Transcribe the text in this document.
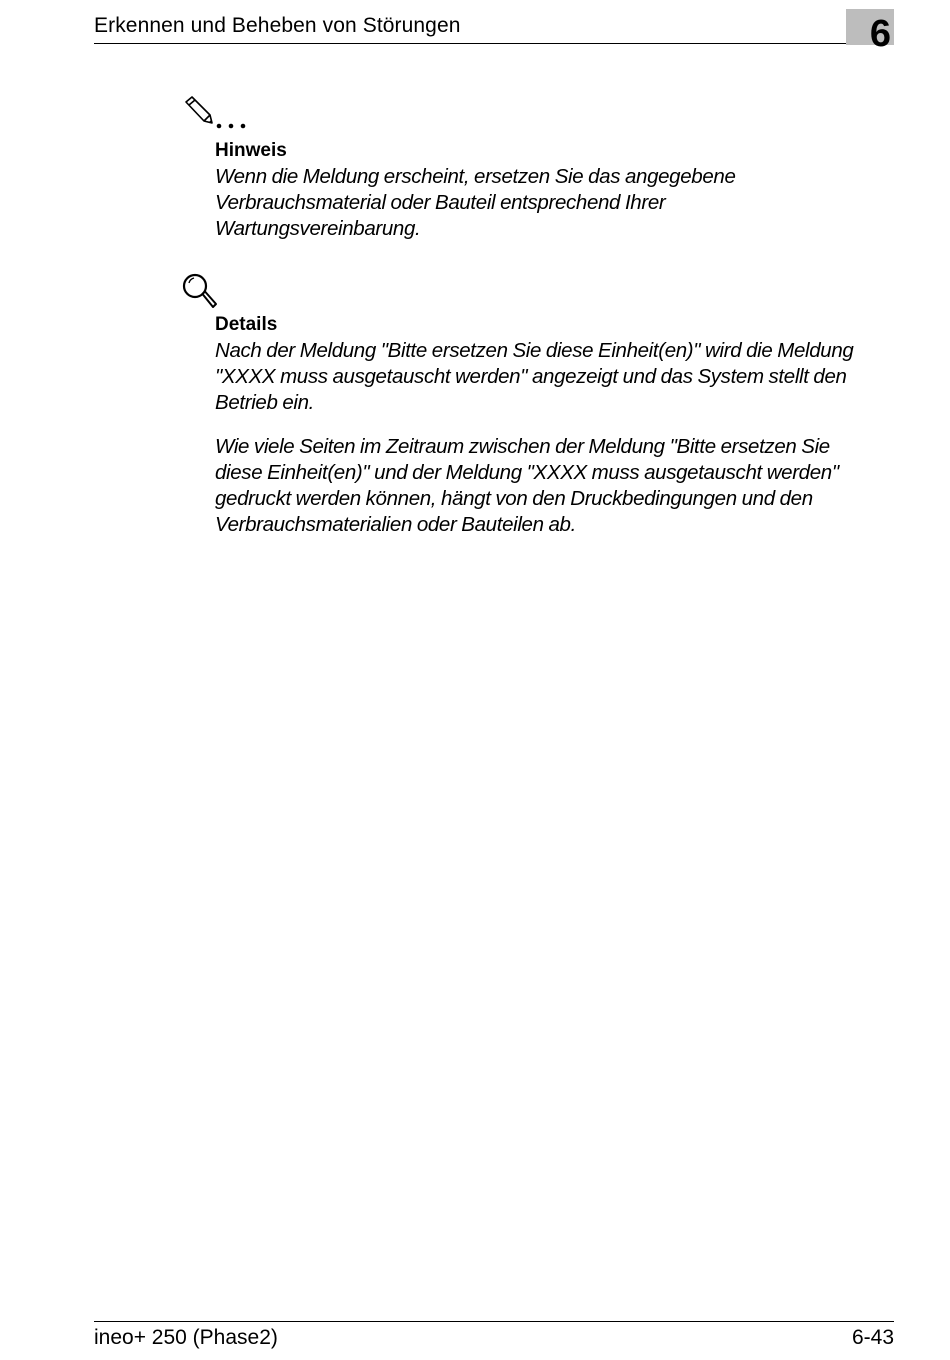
Erkennen und Beheben von Störungen	6
Hinweis
Wenn die Meldung erscheint, ersetzen Sie das angegebene
Verbrauchsmaterial oder Bauteil entsprechend Ihrer
Wartungsvereinbarung.
Details
Nach der Meldung "Bitte ersetzen Sie diese Einheit(en)" wird die Meldung
"XXXX muss ausgetauscht werden" angezeigt und das System stellt den
Betrieb ein.
Wie viele Seiten im Zeitraum zwischen der Meldung "Bitte ersetzen Sie
diese Einheit(en)" und der Meldung "XXXX muss ausgetauscht werden"
gedruckt werden können, hängt von den Druckbedingungen und den
Verbrauchsmaterialien oder Bauteilen ab.
ineo+ 250 (Phase2)	6-43
